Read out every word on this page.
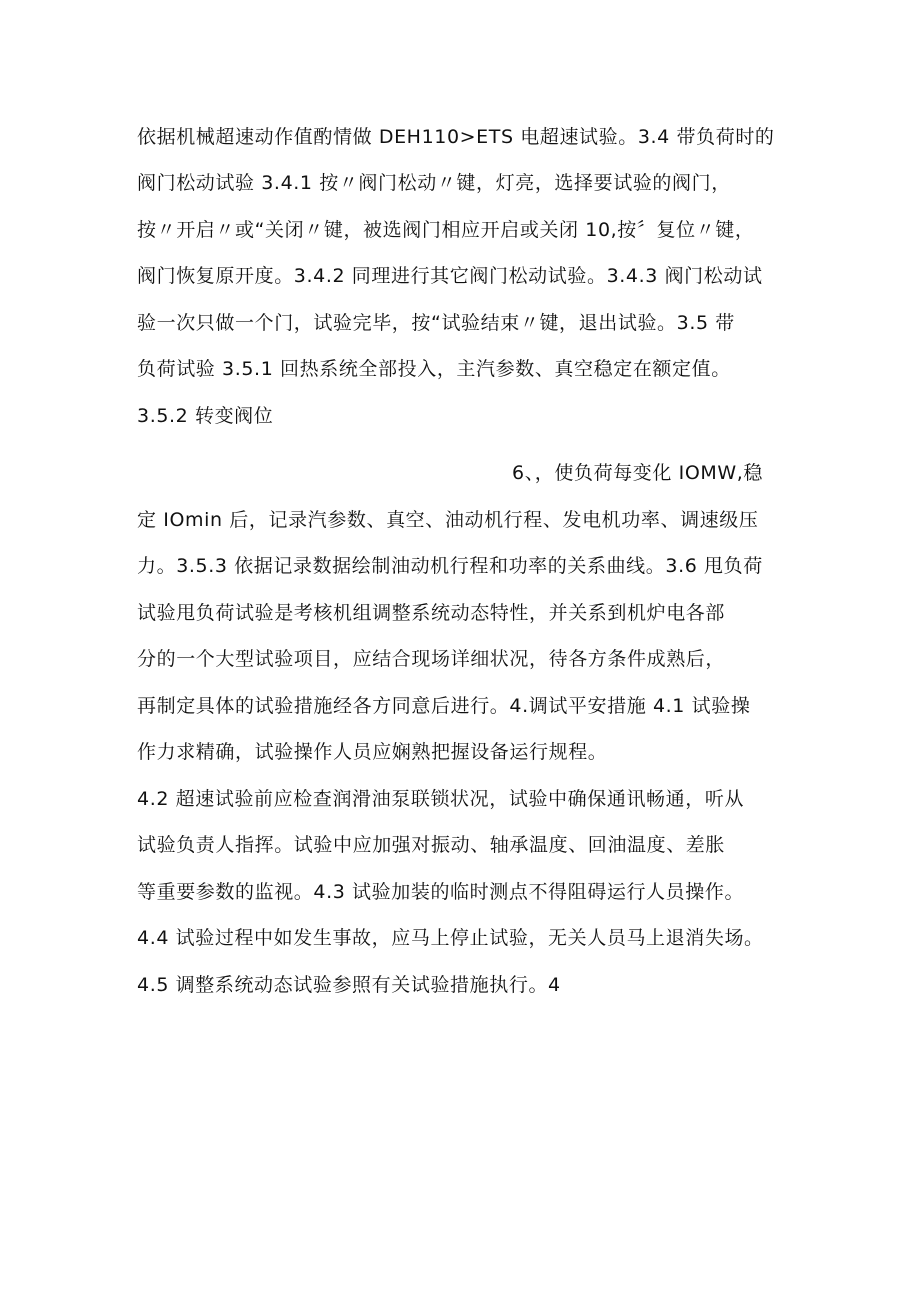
依据机械超速动作值酌情做 DEH110>ETS 电超速试验。3.4 带负荷时的
阀门松动试验 3.4.1 按〃阀门松动〃键，灯亮，选择要试验的阀门，
按〃开启〃或“关闭〃键，被选阀门相应开启或关闭 10,按〞复位〃键，
阀门恢复原开度。3.4.2 同理进行其它阀门松动试验。3.4.3 阀门松动试
验一次只做一个门，试验完毕，按“试验结束〃键，退出试验。3.5 带
负荷试验 3.5.1 回热系统全部投入，主汽参数、真空稳定在额定值。
3.5.2 转变阀位
6、，使负荷每变化 IOMW,稳
定 IOmin 后，记录汽参数、真空、油动机行程、发电机功率、调速级压
力。3.5.3 依据记录数据绘制油动机行程和功率的关系曲线。3.6 甩负荷
试验甩负荷试验是考核机组调整系统动态特性，并关系到机炉电各部
分的一个大型试验项目，应结合现场详细状况，待各方条件成熟后，
再制定具体的试验措施经各方同意后进行。4.调试平安措施 4.1 试验操
作力求精确，试验操作人员应娴熟把握设备运行规程。
4.2 超速试验前应检查润滑油泵联锁状况，试验中确保通讯畅通，听从
试验负责人指挥。试验中应加强对振动、轴承温度、回油温度、差胀
等重要参数的监视。4.3 试验加装的临时测点不得阻碍运行人员操作。
4.4 试验过程中如发生事故，应马上停止试验，无关人员马上退消失场。
4.5 调整系统动态试验参照有关试验措施执行。4
